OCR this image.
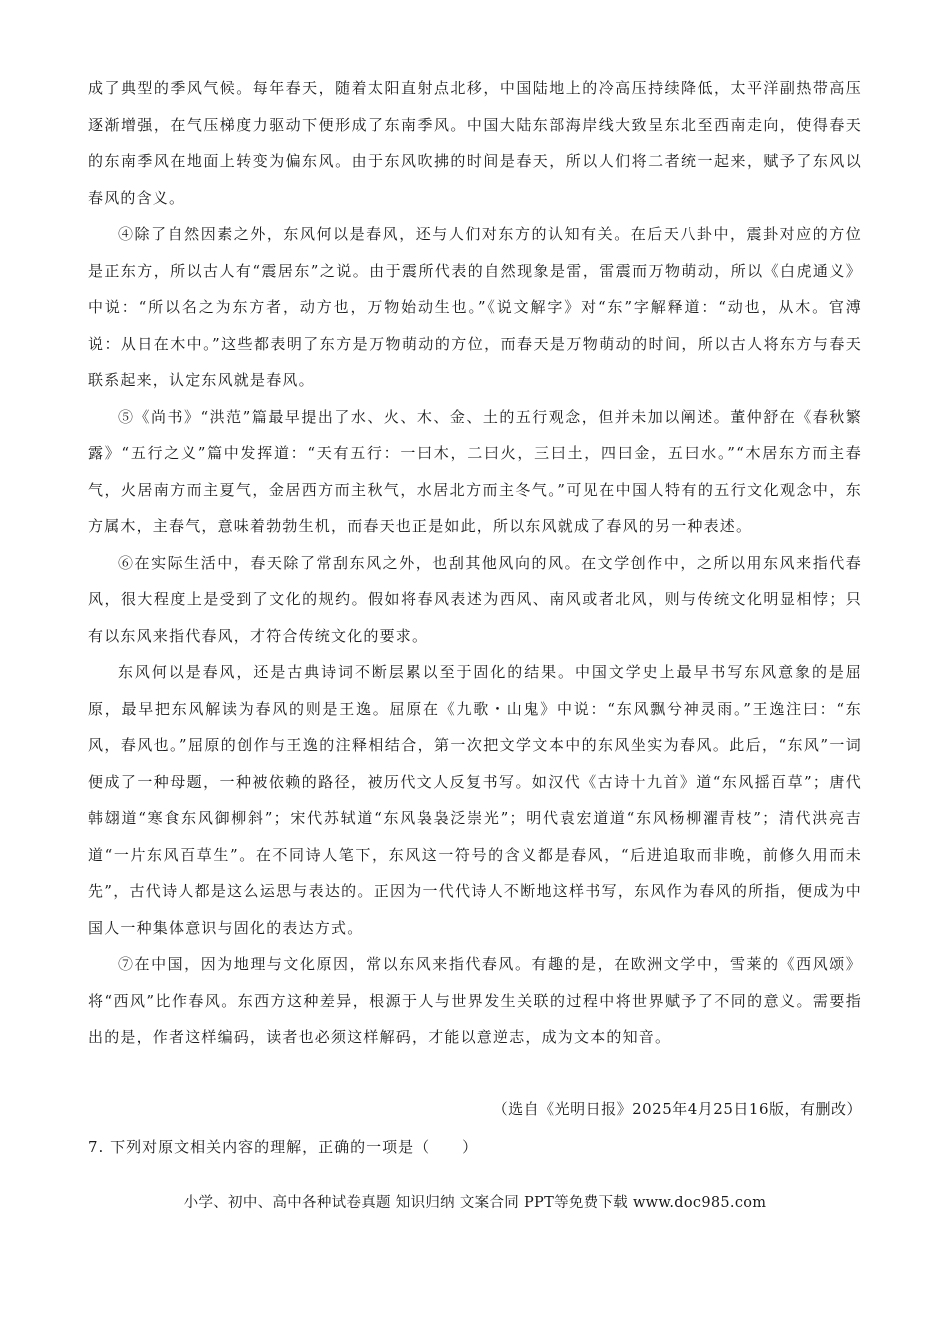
成了典型的季风气候。每年春天，随着太阳直射点北移，中国陆地上的冷高压持续降低，太平洋副热带高压逐渐增强，在气压梯度力驱动下便形成了东南季风。中国大陆东部海岸线大致呈东北至西南走向，使得春天的东南季风在地面上转变为偏东风。由于东风吹拂的时间是春天，所以人们将二者统一起来，赋予了东风以春风的含义。

④除了自然因素之外，东风何以是春风，还与人们对东方的认知有关。在后天八卦中，震卦对应的方位是正东方，所以古人有“震居东”之说。由于震所代表的自然现象是雷，雷震而万物萌动，所以《白虎通义》中说：“所以名之为东方者，动方也，万物始动生也。”《说文解字》对“东”字解释道：“动也，从木。官溥说：从日在木中。”这些都表明了东方是万物萌动的方位，而春天是万物萌动的时间，所以古人将东方与春天联系起来，认定东风就是春风。

⑤《尚书》“洪范”篇最早提出了水、火、木、金、土的五行观念，但并未加以阐述。董仲舒在《春秋繁露》“五行之义”篇中发挥道：“天有五行：一曰木，二曰火，三曰土，四曰金，五曰水。”“木居东方而主春气，火居南方而主夏气，金居西方而主秋气，水居北方而主冬气。”可见在中国人特有的五行文化观念中，东方属木，主春气，意味着勃勃生机，而春天也正是如此，所以东风就成了春风的另一种表述。

⑥在实际生活中，春天除了常刮东风之外，也刮其他风向的风。在文学创作中，之所以用东风来指代春风，很大程度上是受到了文化的规约。假如将春风表述为西风、南风或者北风，则与传统文化明显相悖；只有以东风来指代春风，才符合传统文化的要求。

东风何以是春风，还是古典诗词不断层累以至于固化的结果。中国文学史上最早书写东风意象的是屈原，最早把东风解读为春风的则是王逸。屈原在《九歌・山鬼》中说：“东风飘兮神灵雨。”王逸注曰：“东风，春风也。”屈原的创作与王逸的注释相结合，第一次把文学文本中的东风坐实为春风。此后，“东风”一词便成了一种母题，一种被依赖的路径，被历代文人反复书写。如汉代《古诗十九首》道“东风摇百草”；唐代韩翃道“寒食东风御柳斜”；宋代苏轼道“东风袅袅泛崇光”；明代袁宏道道“东风杨柳濯青枝”；清代洪亮吉道“一片东风百草生”。在不同诗人笔下，东风这一符号的含义都是春风，“后进追取而非晚，前修久用而未先”，古代诗人都是这么运思与表达的。正因为一代代诗人不断地这样书写，东风作为春风的所指，便成为中国人一种集体意识与固化的表达方式。

⑦在中国，因为地理与文化原因，常以东风来指代春风。有趣的是，在欧洲文学中，雪莱的《西风颂》将“西风”比作春风。东西方这种差异，根源于人与世界发生关联的过程中将世界赋予了不同的意义。需要指出的是，作者这样编码，读者也必须这样解码，才能以意逆志，成为文本的知音。

（选自《光明日报》2025年4月25日16版，有删改）
7. 下列对原文相关内容的理解，正确的一项是（　　）
小学、初中、高中各种试卷真题 知识归纳 文案合同 PPT等免费下载 www.doc985.com
